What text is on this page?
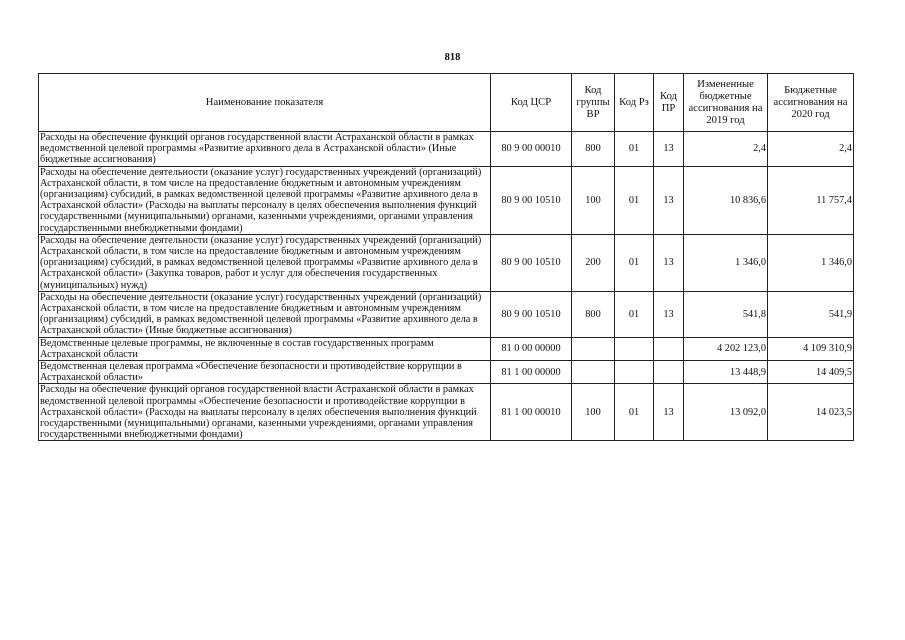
818
Наименование показателя	Код ЦСР	Код группы ВР	Код Рз	Код ПР	Измененные бюджетные ассигнования на 2019 год	Бюджетные ассигнования на 2020 год
Расходы на обеспечение функций органов государственной власти Астраханской области в рамках ведомственной целевой программы «Развитие архивного дела в Астраханской области» (Иные бюджетные ассигнования)	80 9 00 00010	800	01	13	2,4	2,4
Расходы на обеспечение деятельности (оказание услуг) государственных учреждений (организаций) Астраханской области, в том числе на предоставление бюджетным и автономным учреждениям (организациям) субсидий, в рамках ведомственной целевой программы «Развитие архивного дела в Астраханской области» (Расходы на выплаты персоналу в целях обеспечения выполнения функций государственными (муниципальными) органами, казенными учреждениями, органами управления государственными внебюджетными фондами)	80 9 00 10510	100	01	13	10 836,6	11 757,4
Расходы на обеспечение деятельности (оказание услуг) государственных учреждений (организаций) Астраханской области, в том числе на предоставление бюджетным и автономным учреждениям (организациям) субсидий, в рамках ведомственной целевой программы «Развитие архивного дела в Астраханской области» (Закупка товаров, работ и услуг для обеспечения государственных (муниципальных) нужд)	80 9 00 10510	200	01	13	1 346,0	1 346,0
Расходы на обеспечение деятельности (оказание услуг) государственных учреждений (организаций) Астраханской области, в том числе на предоставление бюджетным и автономным учреждениям (организациям) субсидий, в рамках ведомственной целевой программы «Развитие архивного дела в Астраханской области» (Иные бюджетные ассигнования)	80 9 00 10510	800	01	13	541,8	541,9
Ведомственные целевые программы, не включенные в состав государственных программ Астраханской области	81 0 00 00000				4 202 123,0	4 109 310,9
Ведомственная целевая программа «Обеспечение безопасности и противодействие коррупции в Астраханской области»	81 1 00 00000				13 448,9	14 409,5
Расходы на обеспечение функций органов государственной власти Астраханской области в рамках ведомственной целевой программы «Обеспечение безопасности и противодействие коррупции в Астраханской области» (Расходы на выплаты персоналу в целях обеспечения выполнения функций государственными (муниципальными) органами, казенными учреждениями, органами управления государственными внебюджетными фондами)	81 1 00 00010	100	01	13	13 092,0	14 023,5
